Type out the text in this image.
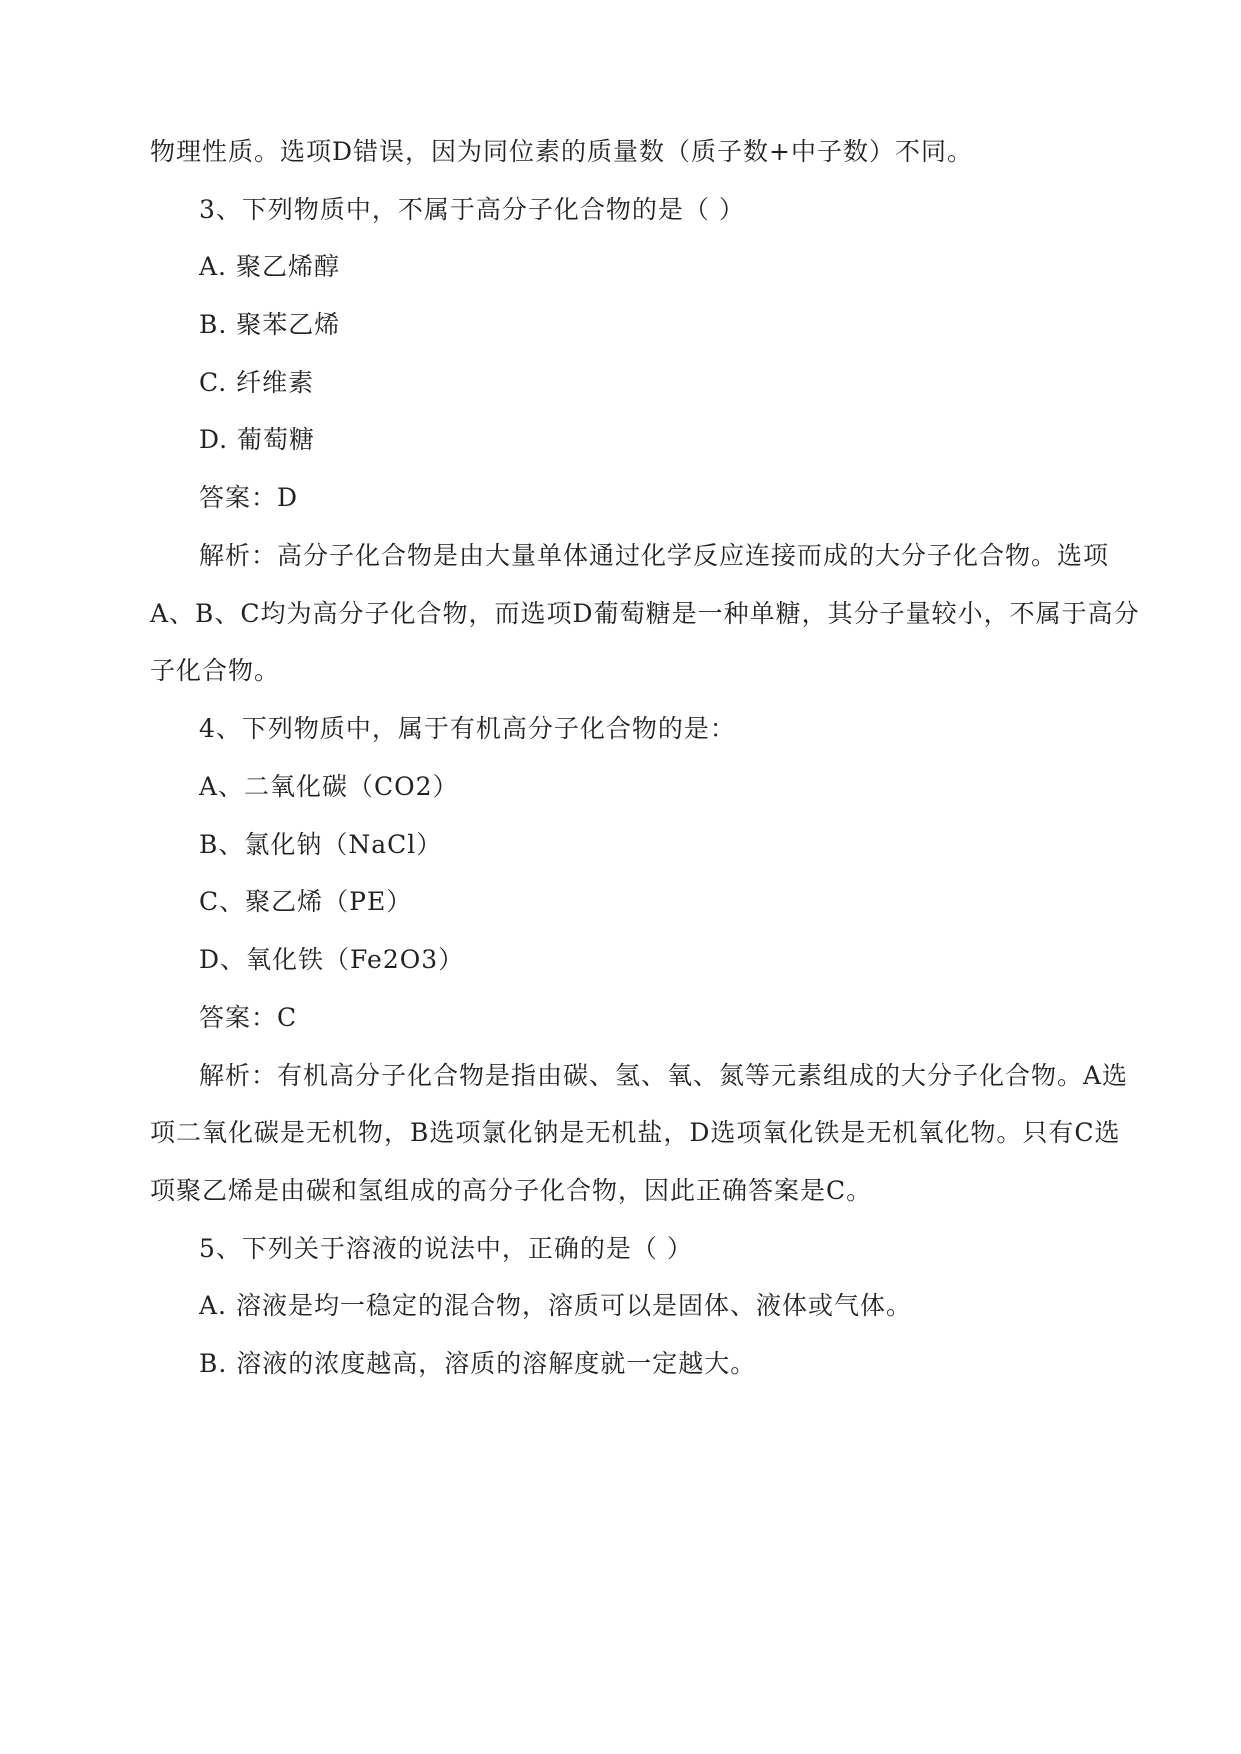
物理性质。选项D错误，因为同位素的质量数（质子数+中子数）不同。
3、下列物质中，不属于高分子化合物的是（ ）
A. 聚乙烯醇
B. 聚苯乙烯
C. 纤维素
D. 葡萄糖
答案：D
解析：高分子化合物是由大量单体通过化学反应连接而成的大分子化合物。选项
A、B、C均为高分子化合物，而选项D葡萄糖是一种单糖，其分子量较小，不属于高分
子化合物。
4、下列物质中，属于有机高分子化合物的是：
A、二氧化碳（CO2）
B、氯化钠（NaCl）
C、聚乙烯（PE）
D、氧化铁（Fe2O3）
答案：C
解析：有机高分子化合物是指由碳、氢、氧、氮等元素组成的大分子化合物。A选
项二氧化碳是无机物，B选项氯化钠是无机盐，D选项氧化铁是无机氧化物。只有C选
项聚乙烯是由碳和氢组成的高分子化合物，因此正确答案是C。
5、下列关于溶液的说法中，正确的是（ ）
A. 溶液是均一稳定的混合物，溶质可以是固体、液体或气体。
B. 溶液的浓度越高，溶质的溶解度就一定越大。
